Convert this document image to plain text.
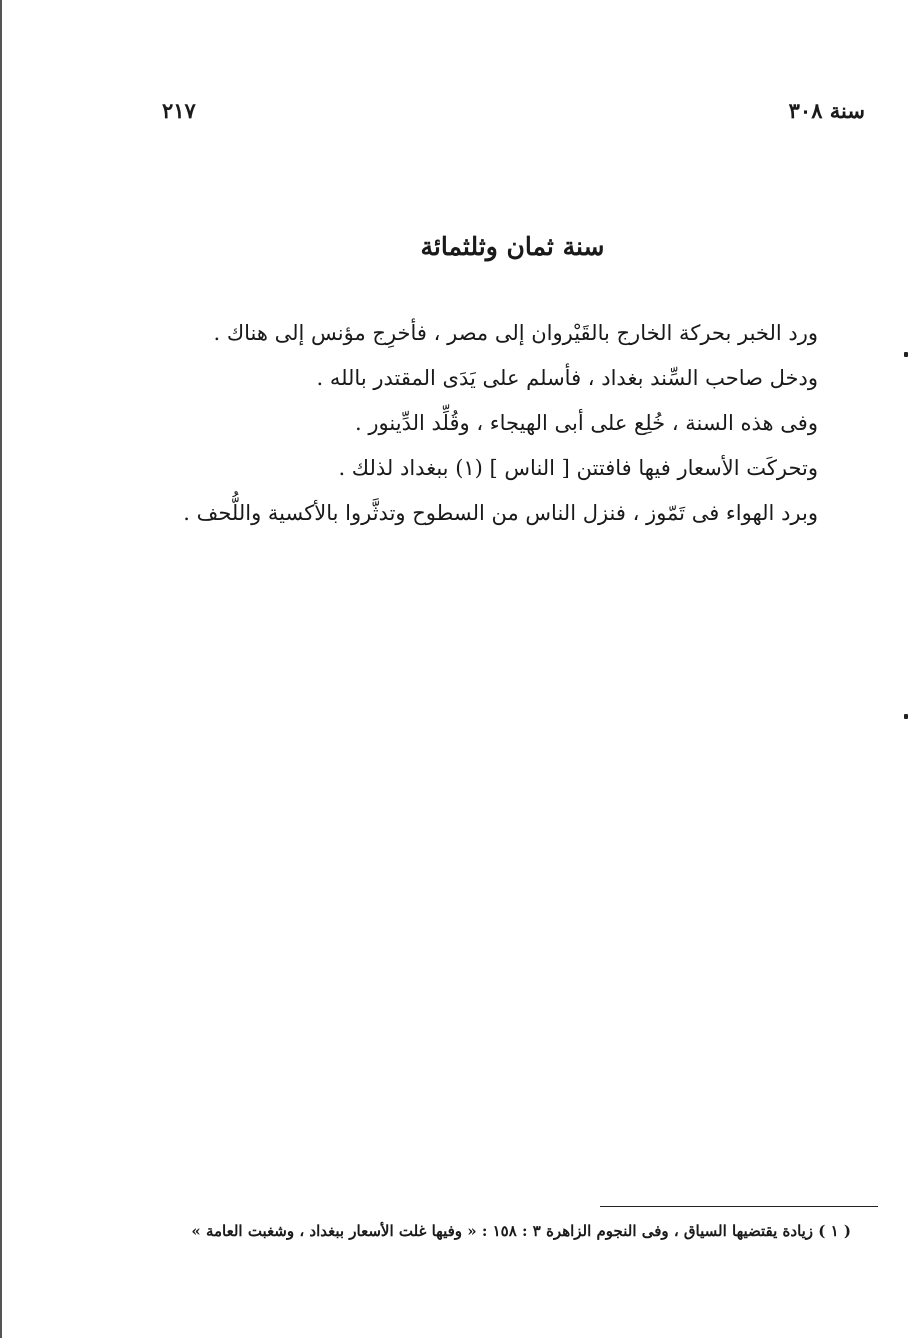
سنة ٣٠٨
٢١٧
سنة ثمان وثلثمائة
ورد الخبر بحركة الخارج بالقَيْروان إلى مصر ، فأخرِج مؤنس إلى هناك .
ودخل صاحب السِّند بغداد ، فأسلم على يَدَى المقتدر بالله .
وفى هذه السنة ، خُلِع على أبى الهيجاء ، وقُلِّد الدِّينور .
وتحركَت الأسعار فيها فافتتن [ الناس ] (١) ببغداد لذلك .
وبرد الهواء فى تَمّوز ، فنزل الناس من السطوح وتدثَّروا بالأكسية واللُّحف .
( ١ ) زيادة يقتضيها السياق ، وفى النجوم الزاهرة ٣ : ١٥٨ : « وفيها غلت الأسعار ببغداد ، وشغبت العامة »
